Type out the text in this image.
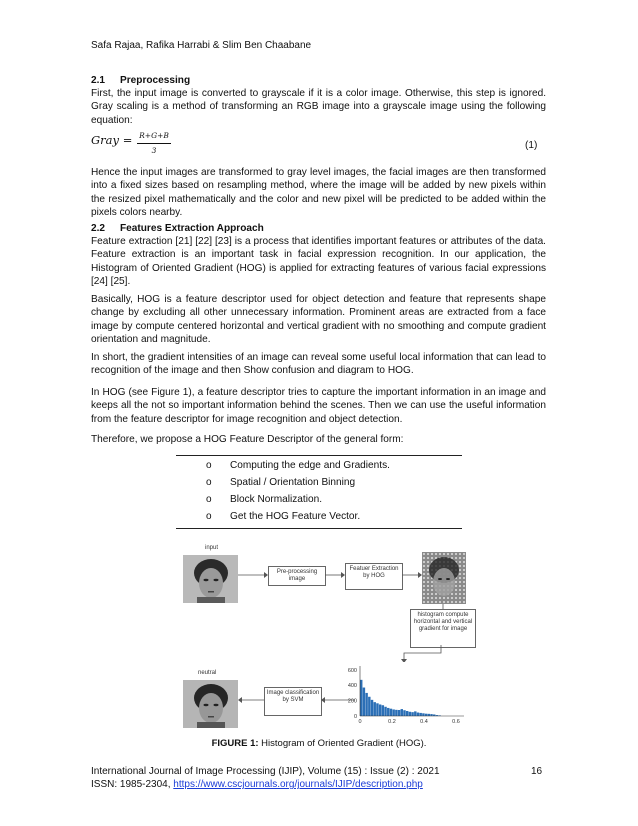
Safa Rajaa, Rafika Harrabi & Slim Ben Chaabane

2.1 Preprocessing

First, the input image is converted to grayscale if it is a color image. Otherwise, this step is ignored. Gray scaling is a method of transforming an RGB image into a grayscale image using the following equation:

Gray = R+G+B
3	(1)

Hence the input images are transformed to gray level images, the facial images are then transformed into a fixed sizes based on resampling method, where the image will be added by new pixels within the resized pixel mathematically and the color and new pixel will be predicted to be added within the pixels colors nearby.

2.2 Features Extraction Approach

Feature extraction [21] [22] [23] is a process that identifies important features or attributes of the data. Feature extraction is an important task in facial expression recognition. In our application, the Histogram of Oriented Gradient (HOG) is applied for extracting features of various facial expressions [24] [25].

Basically, HOG is a feature descriptor used for object detection and feature that represents shape change by excluding all other unnecessary information. Prominent areas are extracted from a face image by compute centered horizontal and vertical gradient with no smoothing and compute gradient orientation and magnitude.

In short, the gradient intensities of an image can reveal some useful local information that can lead to recognition of the image and then Show confusion and diagram to HOG.

In HOG (see Figure 1), a feature descriptor tries to capture the important information in an image and keeps all the not so important information behind the scenes. Then we can use the useful information from the feature descriptor for image recognition and object detection.

Therefore, we propose a HOG Feature Descriptor of the general form:

o Computing the edge and Gradients.
o Spatial / Orientation Binning
o Block Normalization.
o Get the HOG Feature Vector.
input
Pre-processing image
Featuer Extraction by HOG
histogram compute horizontal and vertical gradient for image
600
400
200
0
0	0.2	0.4	0.6
neutral
Image classification by SVM
FIGURE 1: Histogram of Oriented Gradient (HOG).
International Journal of Image Processing (IJIP), Volume (15) : Issue (2) : 2021	16
ISSN: 1985-2304, https://www.cscjournals.org/journals/IJIP/description.php
